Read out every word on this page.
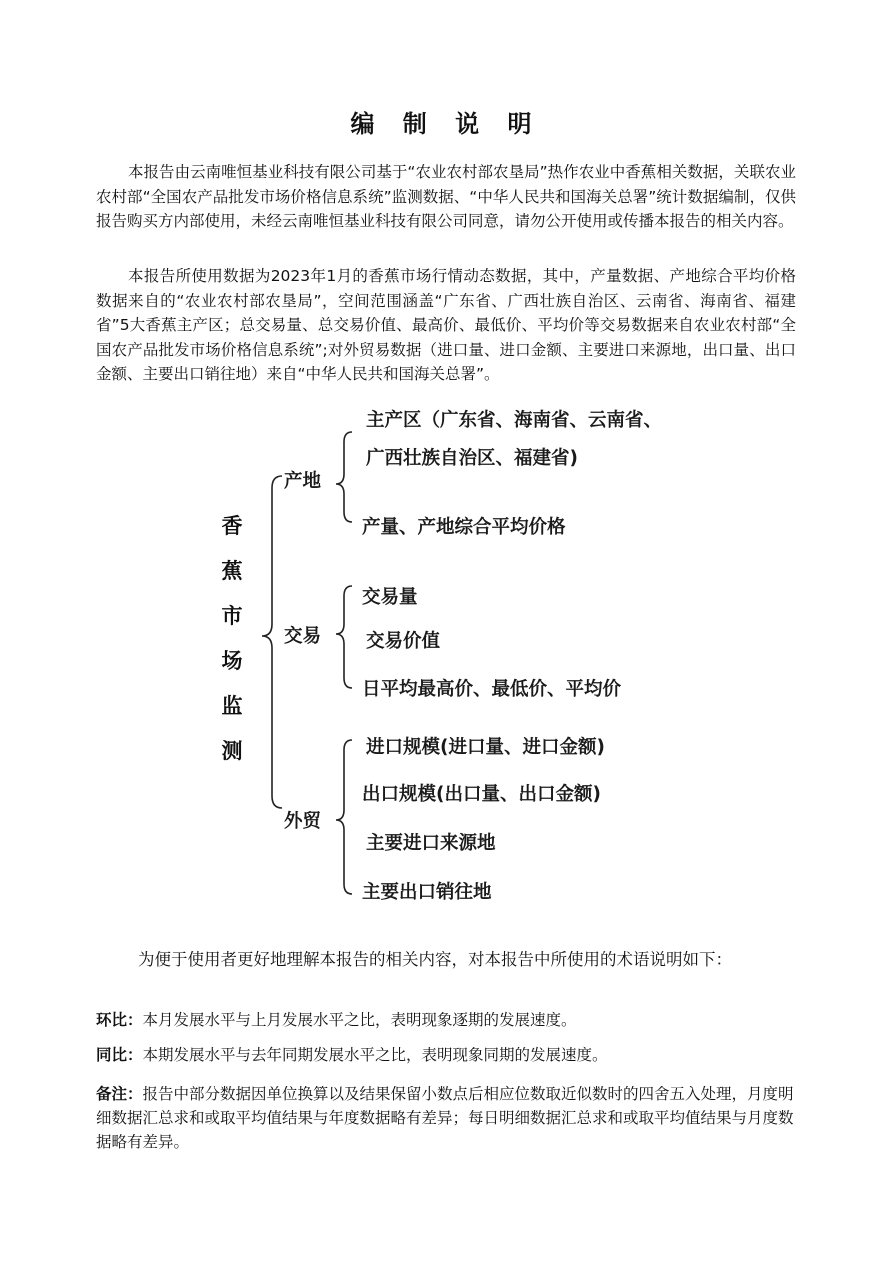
编 制 说 明

本报告由云南唯恒基业科技有限公司基于“农业农村部农垦局”热作农业中香蕉相关数据，关联农业农村部“全国农产品批发市场价格信息系统”监测数据、“中华人民共和国海关总署”统计数据编制，仅供报告购买方内部使用，未经云南唯恒基业科技有限公司同意，请勿公开使用或传播本报告的相关内容。

本报告所使用数据为2023年1月的香蕉市场行情动态数据，其中，产量数据、产地综合平均价格数据来自的“农业农村部农垦局”，空间范围涵盖“广东省、广西壮族自治区、云南省、海南省、福建省”5大香蕉主产区；总交易量、总交易价值、最高价、最低价、平均价等交易数据来自农业农村部“全国农产品批发市场价格信息系统”;对外贸易数据（进口量、进口金额、主要进口来源地，出口量、出口金额、主要出口销往地）来自“中华人民共和国海关总署”。

香
蕉
市
场
监
测
产地
主产区（广东省、海南省、云南省、
广西壮族自治区、福建省)
产量、产地综合平均价格
交易
交易量
交易价值
日平均最高价、最低价、平均价
外贸
进口规模(进口量、进口金额)
出口规模(出口量、出口金额)
主要进口来源地
主要出口销往地
为便于使用者更好地理解本报告的相关内容，对本报告中所使用的术语说明如下：

环比：本月发展水平与上月发展水平之比，表明现象逐期的发展速度。

同比：本期发展水平与去年同期发展水平之比，表明现象同期的发展速度。

备注：报告中部分数据因单位换算以及结果保留小数点后相应位数取近似数时的四舍五入处理，月度明细数据汇总求和或取平均值结果与年度数据略有差异；每日明细数据汇总求和或取平均值结果与月度数据略有差异。
